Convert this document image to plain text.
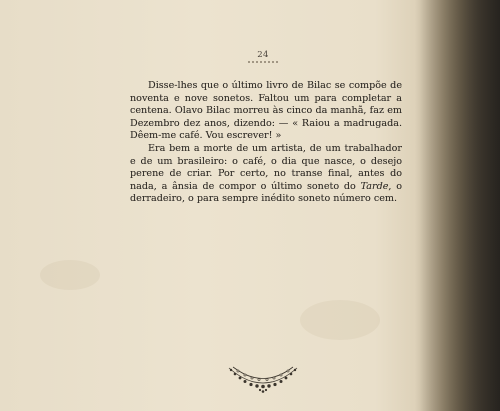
24

Disse-lhes que o último livro de Bilac se compõe de noventa e nove sonetos. Faltou um para completar a centena. Olavo Bilac morreu às cinco da manhã, faz em Dezembro dez anos, dizendo: — « Raiou a madrugada. Dêem-me café. Vou escrever! »

Era bem a morte de um artista, de um trabalhador e de um brasileiro: o café, o dia que nasce, o desejo perene de criar. Por certo, no transe final, antes do nada, a ânsia de compor o último soneto do Tarde, o derradeiro, o para sempre inédito soneto número cem.
